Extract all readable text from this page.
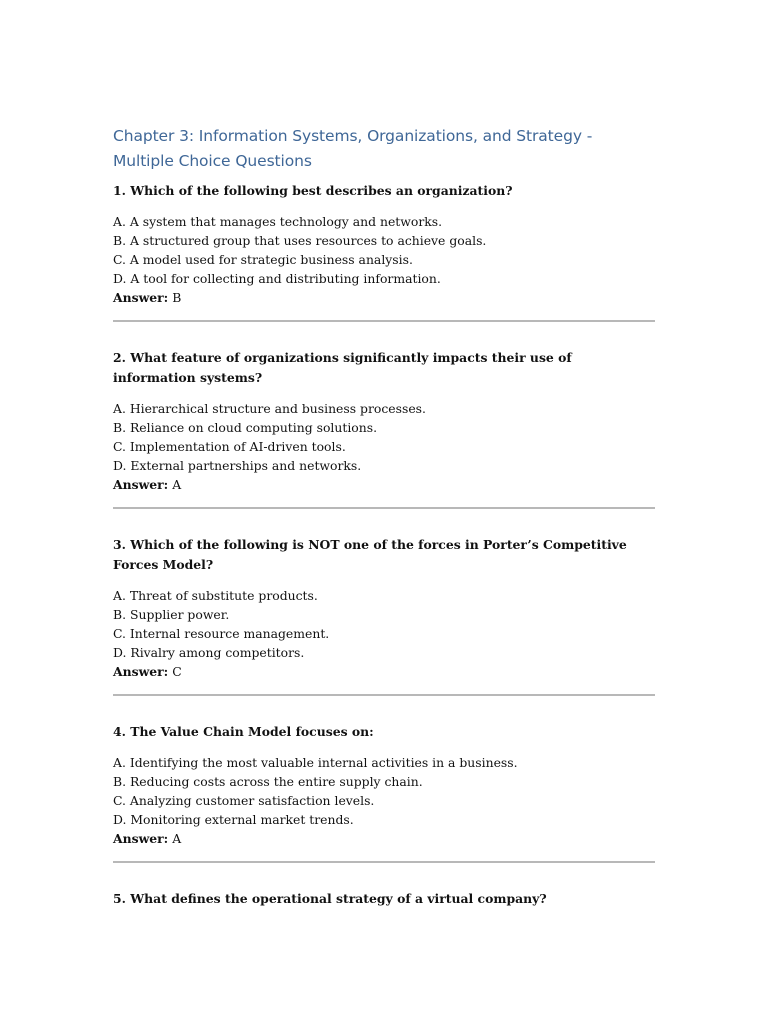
Chapter 3: Information Systems, Organizations, and Strategy - Multiple Choice Questions

1. Which of the following best describes an organization?

A. A system that manages technology and networks.
B. A structured group that uses resources to achieve goals.
C. A model used for strategic business analysis.
D. A tool for collecting and distributing information.

Answer: B

2. What feature of organizations significantly impacts their use of information systems?

A. Hierarchical structure and business processes.
B. Reliance on cloud computing solutions.
C. Implementation of AI-driven tools.
D. External partnerships and networks.

Answer: A

3. Which of the following is NOT one of the forces in Porter’s Competitive Forces Model?

A. Threat of substitute products.
B. Supplier power.
C. Internal resource management.
D. Rivalry among competitors.

Answer: C

4. The Value Chain Model focuses on:

A. Identifying the most valuable internal activities in a business.
B. Reducing costs across the entire supply chain.
C. Analyzing customer satisfaction levels.
D. Monitoring external market trends.

Answer: A

5. What defines the operational strategy of a virtual company?
